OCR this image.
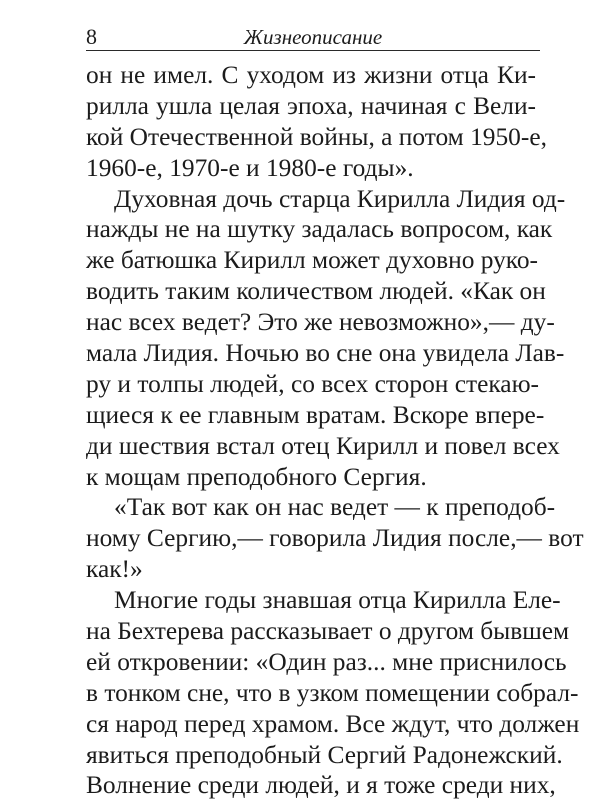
8	Жизнеописание
он не имел. С уходом из жизни отца Ки-
рилла ушла целая эпоха, начиная с Вели-
кой Отечественной войны, а потом 1950-е,
1960-е, 1970-е и 1980-е годы».
Духовная дочь старца Кирилла Лидия од-
нажды не на шутку задалась вопросом, как
же батюшка Кирилл может духовно руко-
водить таким количеством людей. «Как он
нас всех ведет? Это же невозможно»,— ду-
мала Лидия. Ночью во сне она увидела Лав-
ру и толпы людей, со всех сторон стекаю-
щиеся к ее главным вратам. Вскоре впере-
ди шествия встал отец Кирилл и повел всех
к мощам преподобного Сергия.
«Так вот как он нас ведет — к преподоб-
ному Сергию,— говорила Лидия после,— вот
как!»
Многие годы знавшая отца Кирилла Еле-
на Бехтерева рассказывает о другом бывшем
ей откровении: «Один раз... мне приснилось
в тонком сне, что в узком помещении собрал-
ся народ перед храмом. Все ждут, что должен
явиться преподобный Сергий Радонежский.
Волнение среди людей, и я тоже среди них,
